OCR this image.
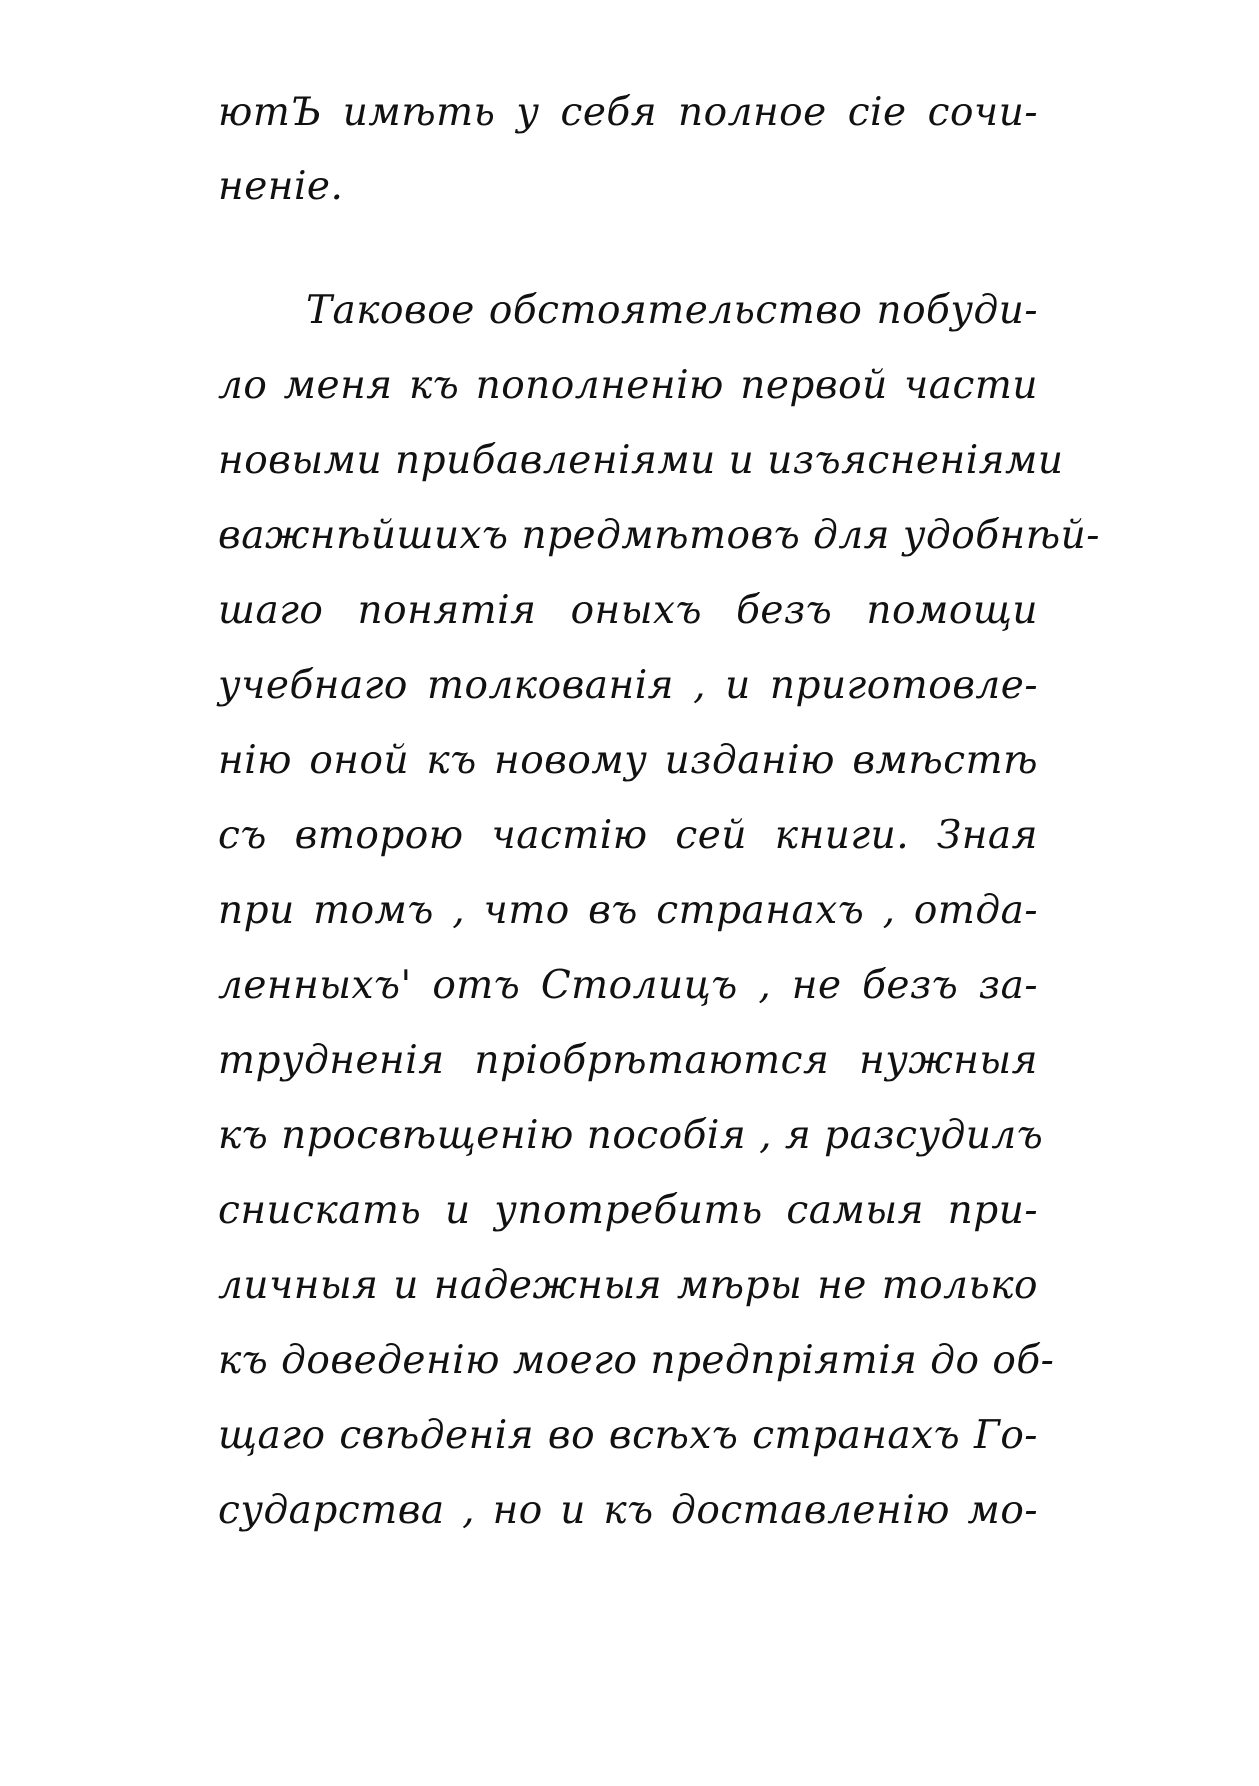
ютЪ имѣть у себя полное сiе сочи-
ненiе.
Таковое обстоятельство побуди-
ло меня къ пополненiю первой части
новыми прибавленiями и изъясненiями
важнѣйшихъ предмѣтовъ для удобнѣй-
шаго понятiя оныхъ безъ помощи
учебнаго толкованiя , и приготовле-
нiю оной къ новому изданiю вмѣстѣ
съ второю частiю сей книги. Зная
при томъ , что въ странахъ , отда-
ленныхъ' отъ Столицъ , не безъ за-
трудненiя прiобрѣтаются нужныя
къ просвѣщенiю пособiя , я разсудилъ
снискать и употребить самыя при-
личныя и надежныя мѣры не только
къ доведенiю моего предпрiятiя до об-
щаго свѣденiя во всѣхъ странахъ Го-
сударства , но и къ доставленiю мо-
